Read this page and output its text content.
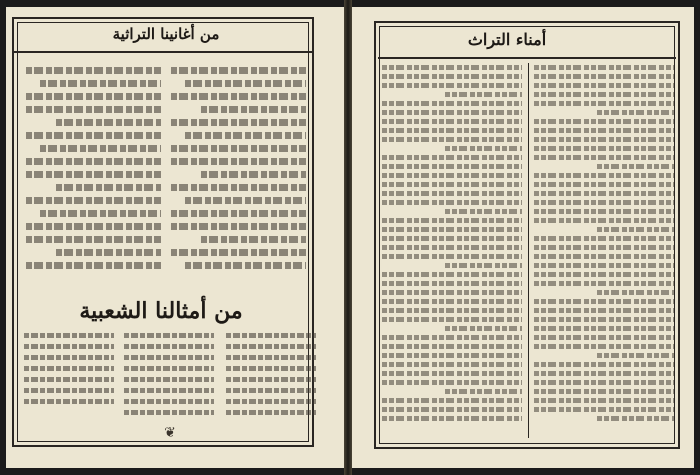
من أغانينا التراثية
من أمثالنا الشعبية
❦
أمناء التراث
